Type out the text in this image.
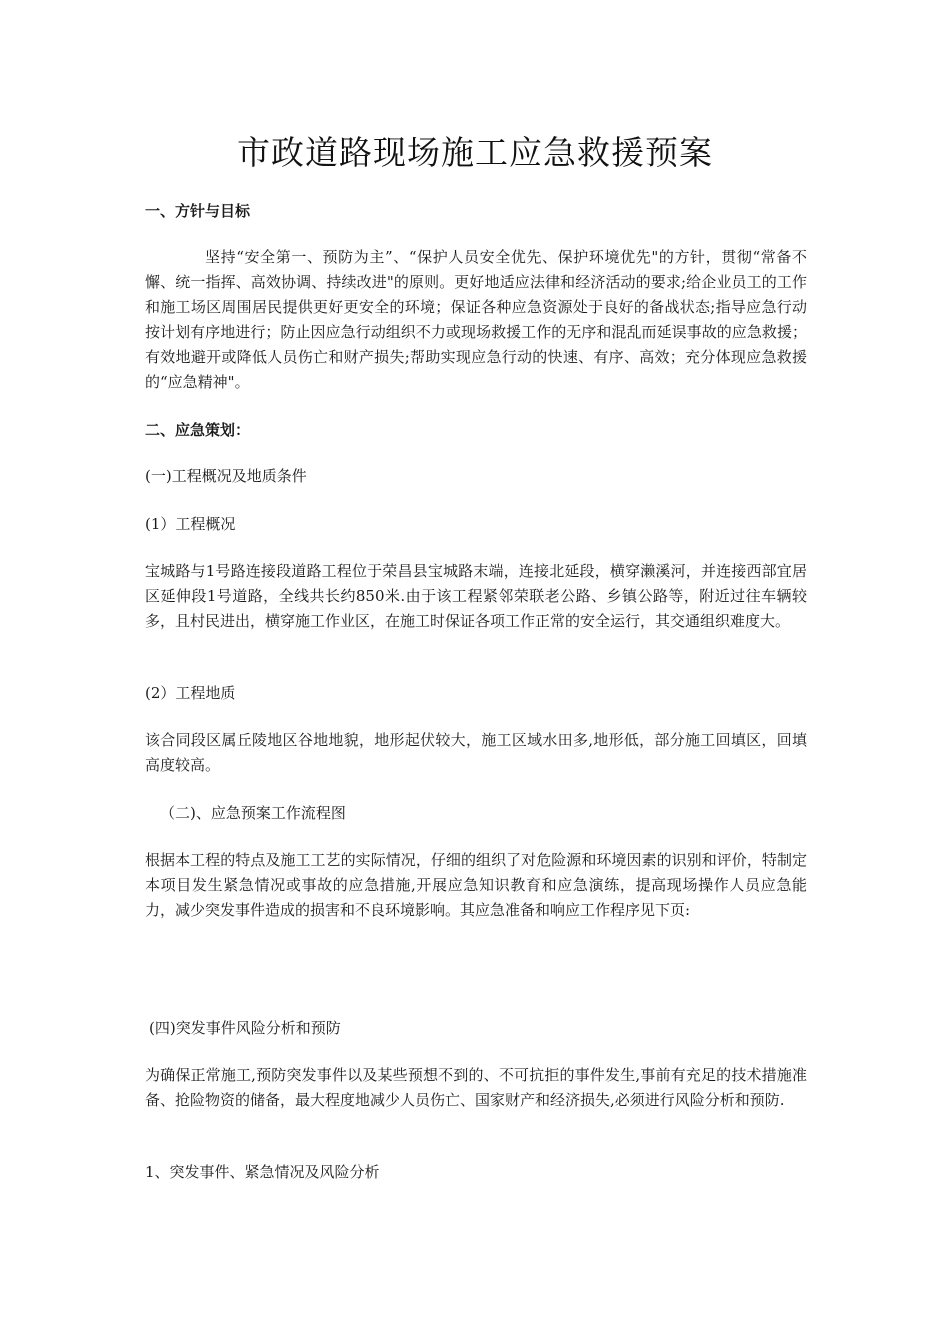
市政道路现场施工应急救援预案

一、方针与目标

坚持“安全第一、预防为主”、“保护人员安全优先、保护环境优先"的方针，贯彻“常备不懈、统一指挥、高效协调、持续改进"的原则。更好地适应法律和经济活动的要求;给企业员工的工作和施工场区周围居民提供更好更安全的环境；保证各种应急资源处于良好的备战状态;指导应急行动按计划有序地进行；防止因应急行动组织不力或现场救援工作的无序和混乱而延误事故的应急救援；有效地避开或降低人员伤亡和财产损失;帮助实现应急行动的快速、有序、高效；充分体现应急救援的“应急精神"。

二、应急策划：

(一)工程概况及地质条件

(1）工程概况

宝城路与1号路连接段道路工程位于荣昌县宝城路末端，连接北延段，横穿濑溪河，并连接西部宜居区延伸段1号道路，全线共长约850米.由于该工程紧邻荣联老公路、乡镇公路等，附近过往车辆较多，且村民进出，横穿施工作业区，在施工时保证各项工作正常的安全运行，其交通组织难度大。

(2）工程地质

该合同段区属丘陵地区谷地地貌，地形起伏较大，施工区域水田多,地形低，部分施工回填区，回填高度较高。

（二)、应急预案工作流程图

根据本工程的特点及施工工艺的实际情况，仔细的组织了对危险源和环境因素的识别和评价，特制定本项目发生紧急情况或事故的应急措施,开展应急知识教育和应急演练，提高现场操作人员应急能力，减少突发事件造成的损害和不良环境影响。其应急准备和响应工作程序见下页:

(四)突发事件风险分析和预防

为确保正常施工,预防突发事件以及某些预想不到的、不可抗拒的事件发生,事前有充足的技术措施准备、抢险物资的储备，最大程度地减少人员伤亡、国家财产和经济损失,必须进行风险分析和预防.

1、突发事件、紧急情况及风险分析
